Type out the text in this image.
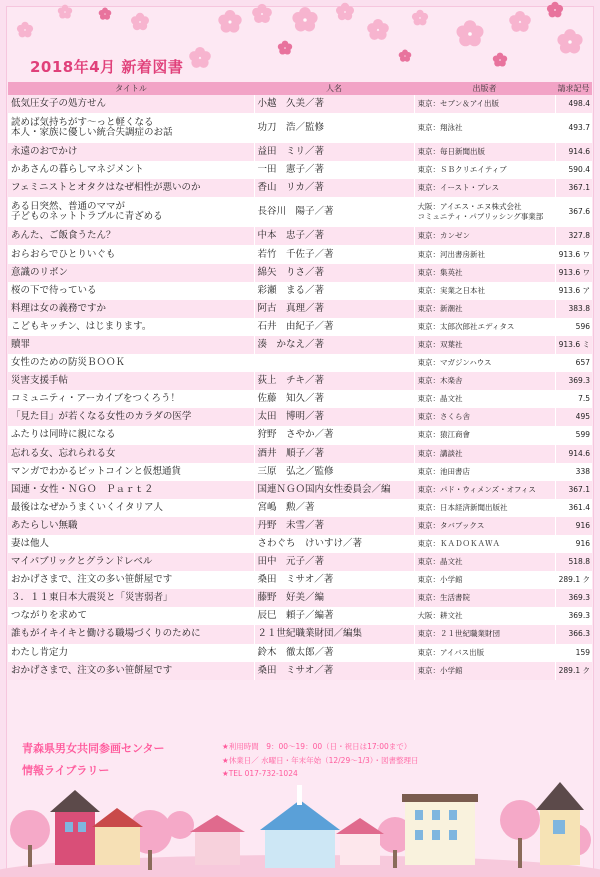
2018年4月 新着図書
タイトル	人名	出版者	請求記号

低気圧女子の処方せん	小越　久美／著	東京：セブン＆アイ出版	498.4

読めば気持ちがす～っと軽くなる
本人・家族に優しい統合失調症のお話	功刀　浩／監修	東京：翔泳社	493.7

永遠のおでかけ	益田　ミリ／著	東京：毎日新聞出版	914.6

かあさんの暮らしマネジメント	一田　憲子／著	東京：ＳＢクリエイティブ	590.4

フェミニストとオタクはなぜ相性が悪いのか	香山　リカ／著	東京：イースト・プレス	367.1

ある日突然、普通のママが
子どものネットトラブルに青ざめる	長谷川　陽子／著	大阪：アイエス・エヌ株式会社
コミュニティ・パブリッシング事業部	367.6

あんた、ご飯食うたん？	中本　忠子／著	東京：カンゼン	327.8

おらおらでひとりいぐも	若竹　千佐子／著	東京：河出書房新社	913.6 ワ

意識のリボン	綿矢　りさ／著	東京：集英社	913.6 ワ

桜の下で待っている	彩瀬　まる／著	東京：実業之日本社	913.6 ア

料理は女の義務ですか	阿古　真理／著	東京：新潮社	383.8

こどもキッチン、はじまります。	石井　由紀子／著	東京：太郎次郎社エディタス	596

贖罪	湊　かなえ／著	東京：双葉社	913.6 ミ

女性のための防災ＢＯＯＫ		東京：マガジンハウス	657

災害支援手帖	荻上　チキ／著	東京：木楽舎	369.3

コミュニティ・アーカイブをつくろう！	佐藤　知久／著	東京：晶文社	7.5

「見た目」が若くなる女性のカラダの医学	太田　博明／著	東京：さくら舎	495

ふたりは同時に親になる	狩野　さやか／著	東京：猿江商會	599

忘れる女、忘れられる女	酒井　順子／著	東京：講談社	914.6

マンガでわかるビットコインと仮想通貨	三原　弘之／監修	東京：池田書店	338

国連・女性・ＮＧＯ　Ｐａｒｔ２	国連ＮＧＯ国内女性委員会／編	東京：パド・ウィメンズ・オフィス	367.1

最後はなぜかうまくいくイタリア人	宮嶋　勲／著	東京：日本経済新聞出版社	361.4

あたらしい無職	丹野　未雪／著	東京：タバブックス	916

妻は他人	さわぐち　けいすけ／著	東京：ＫＡＤＯＫＡＷＡ	916

マイパブリックとグランドレベル	田中　元子／著	東京：晶文社	518.8

おかげさまで、注文の多い笹餅屋です	桑田　ミサオ／著	東京：小学館	289.1 ク

３．１１東日本大震災と「災害弱者」	藤野　好美／編	東京：生活書院	369.3

つながりを求めて	辰巳　頼子／編著	大阪：耕文社	369.3

誰もがイキイキと働ける職場づくりのために	２１世紀職業財団／編集	東京：２１世紀職業財団	366.3

わたし肯定力	鈴木　徹太郎／著	東京：アイバス出版	159

おかげさまで、注文の多い笹餅屋です	桑田　ミサオ／著	東京：小学館	289.1 ク
青森県男女共同参画センター
情報ライブラリー
★利用時間　9：00～19：00（日・祝日は17:00まで）
★休業日／ 水曜日・年末年始（12/29～1/3）・図書整理日
★TEL 017-732-1024
